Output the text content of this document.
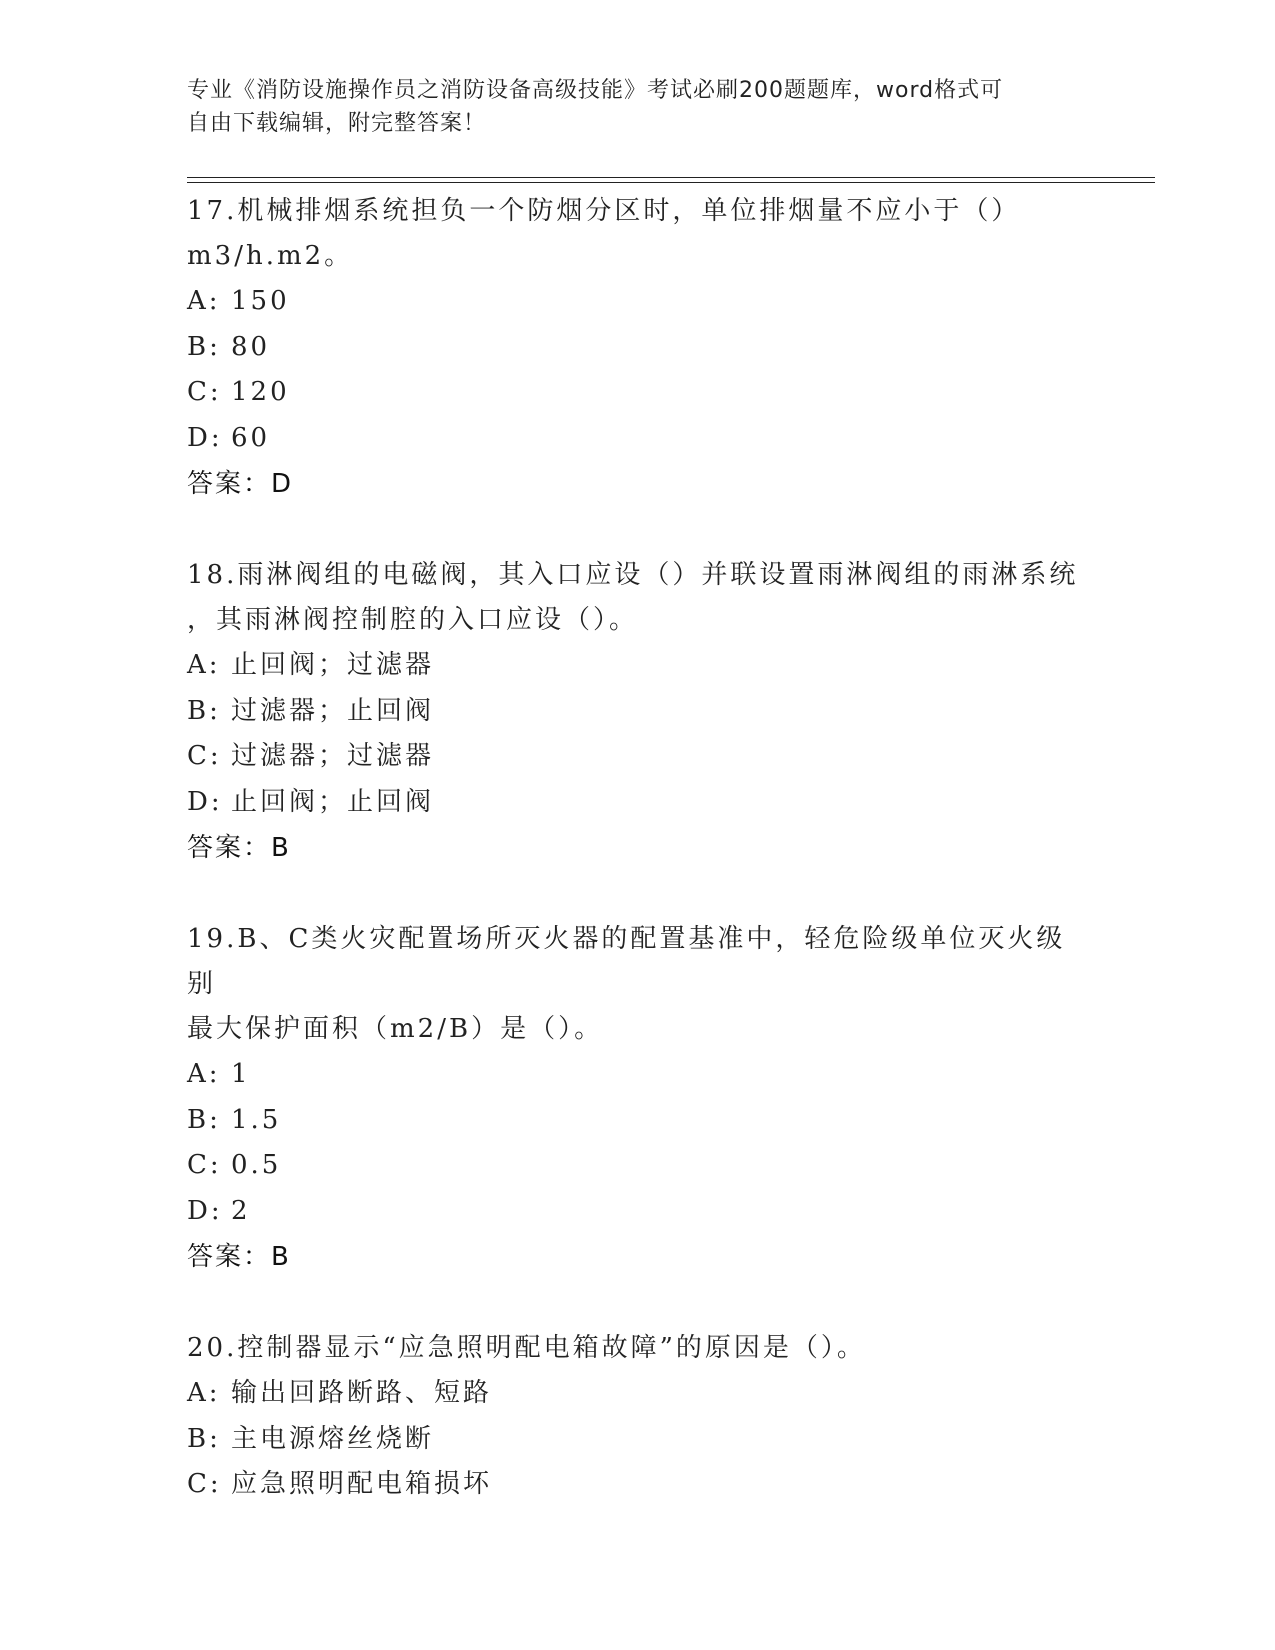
专业《消防设施操作员之消防设备高级技能》考试必刷200题题库，word格式可
自由下载编辑，附完整答案！
17.机械排烟系统担负一个防烟分区时，单位排烟量不应小于（）
m3/h.m2。
A: 150
B: 80
C: 120
D: 60
答案：D
18.雨淋阀组的电磁阀，其入口应设（）并联设置雨淋阀组的雨淋系统
，其雨淋阀控制腔的入口应设（）。
A: 止回阀；过滤器
B: 过滤器；止回阀
C: 过滤器；过滤器
D: 止回阀；止回阀
答案：B
19.B、C类火灾配置场所灭火器的配置基准中，轻危险级单位灭火级别
最大保护面积（m2/B）是（）。
A: 1
B: 1.5
C: 0.5
D: 2
答案：B
20.控制器显示“应急照明配电箱故障”的原因是（）。
A: 输出回路断路、短路
B: 主电源熔丝烧断
C: 应急照明配电箱损坏
